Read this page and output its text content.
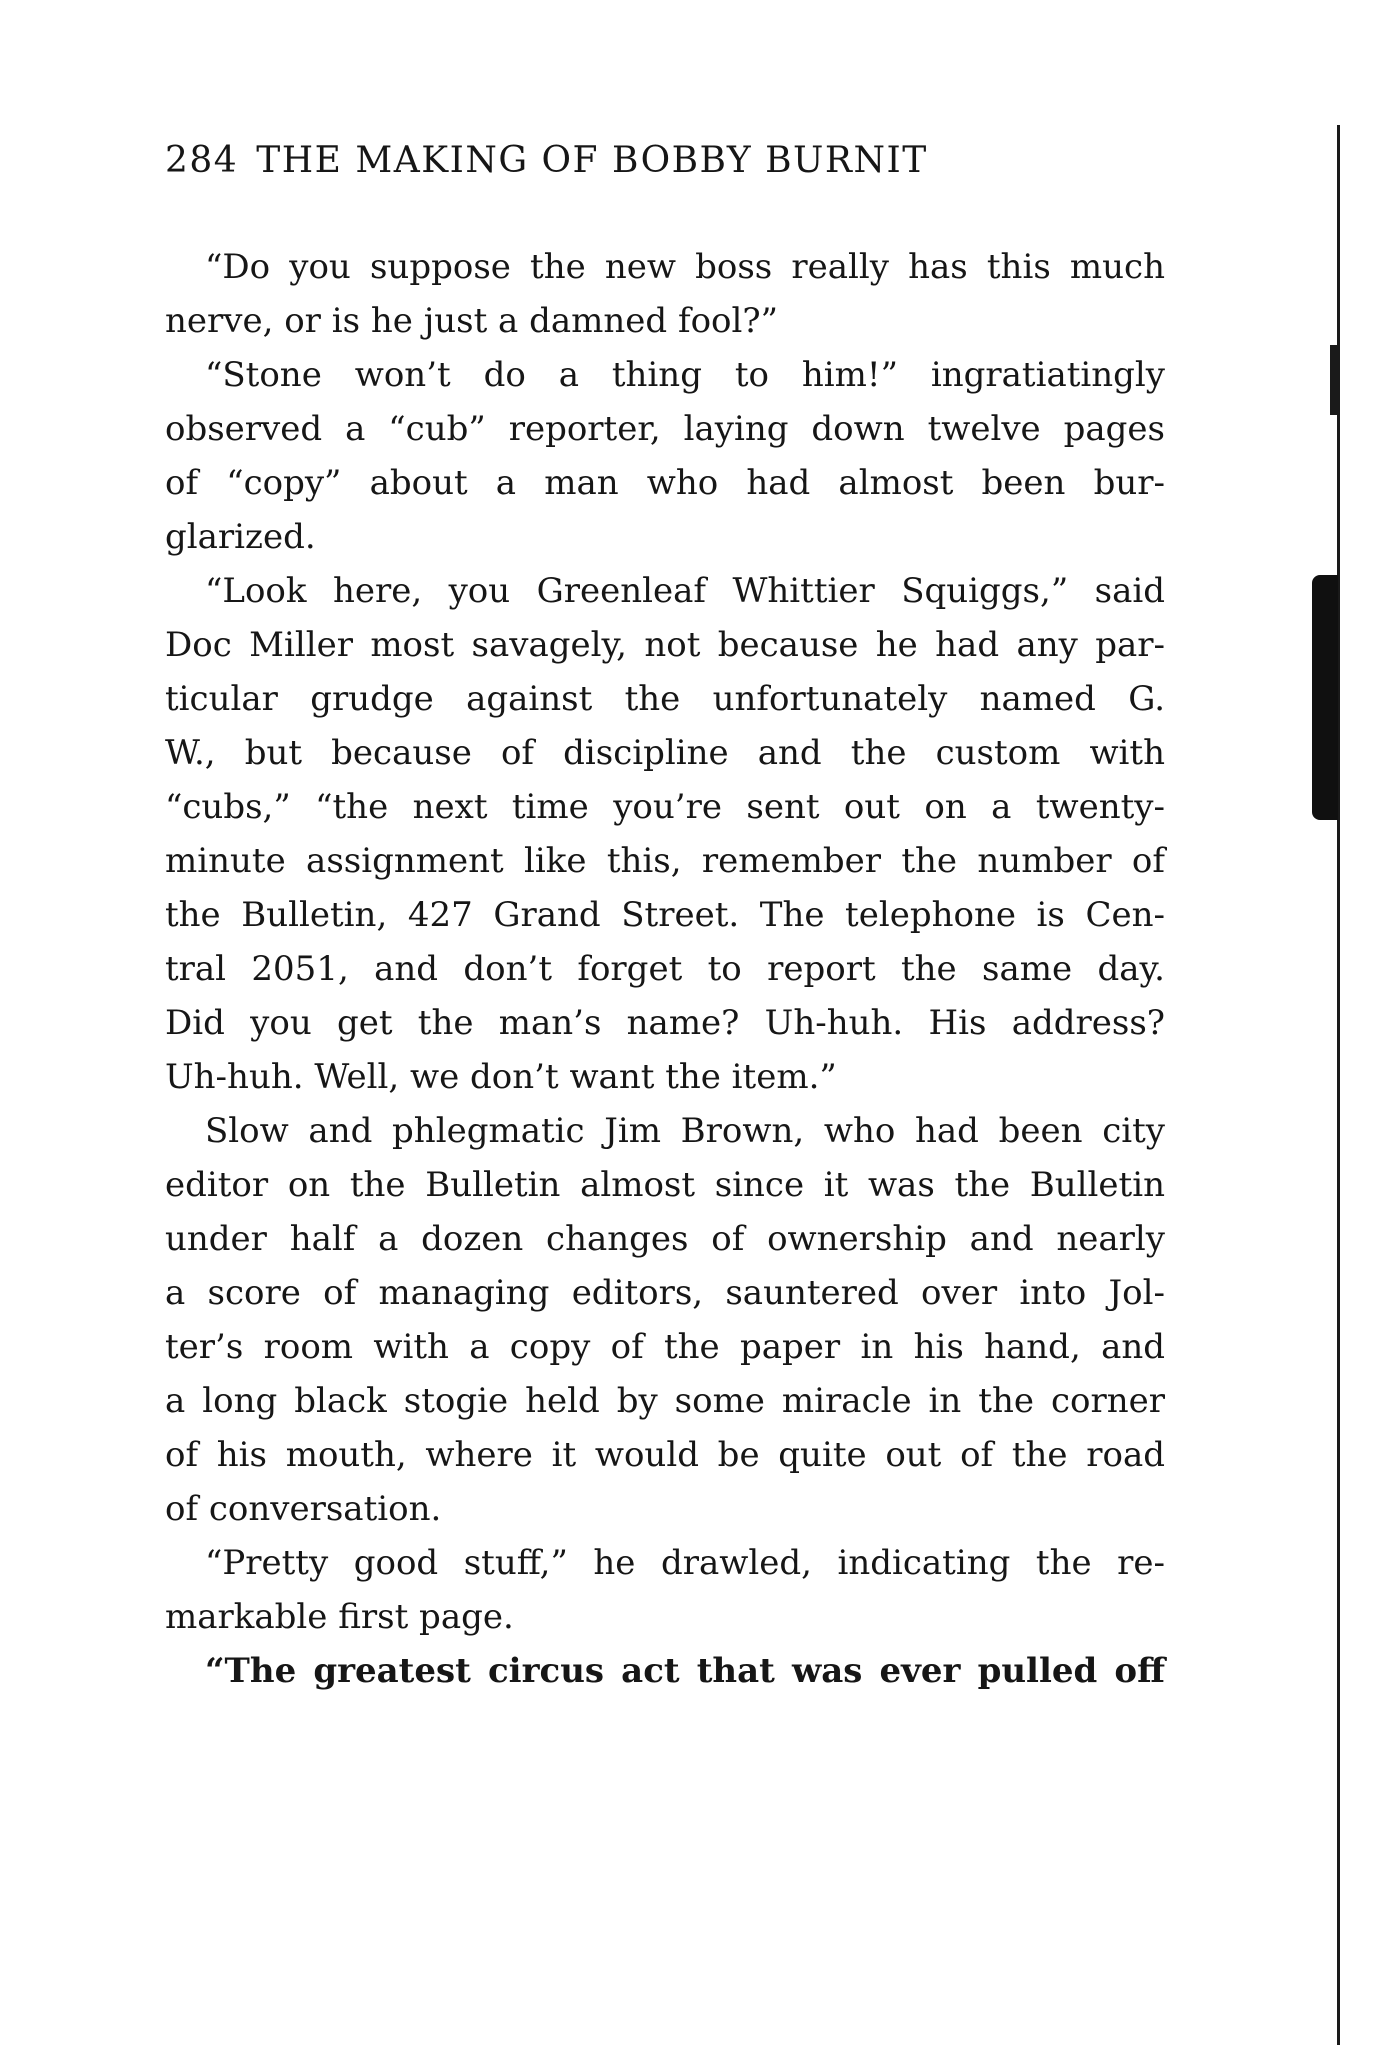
284 THE MAKING OF BOBBY BURNIT
“Do you suppose the new boss really has this much
nerve, or is he just a damned fool?”
“Stone won’t do a thing to him!” ingratiatingly
observed a “cub” reporter, laying down twelve pages
of “copy” about a man who had almost been bur-
glarized.
“Look here, you Greenleaf Whittier Squiggs,” said
Doc Miller most savagely, not because he had any par-
ticular grudge against the unfortunately named G.
W., but because of discipline and the custom with
“cubs,” “the next time you’re sent out on a twenty-
minute assignment like this, remember the number of
the Bulletin, 427 Grand Street. The telephone is Cen-
tral 2051, and don’t forget to report the same day.
Did you get the man’s name? Uh-huh. His address?
Uh-huh. Well, we don’t want the item.”
Slow and phlegmatic Jim Brown, who had been city
editor on the Bulletin almost since it was the Bulletin
under half a dozen changes of ownership and nearly
a score of managing editors, sauntered over into Jol-
ter’s room with a copy of the paper in his hand, and
a long black stogie held by some miracle in the corner
of his mouth, where it would be quite out of the road
of conversation.
“Pretty good stuff,” he drawled, indicating the re-
markable first page.
“The greatest circus act that was ever pulled off
